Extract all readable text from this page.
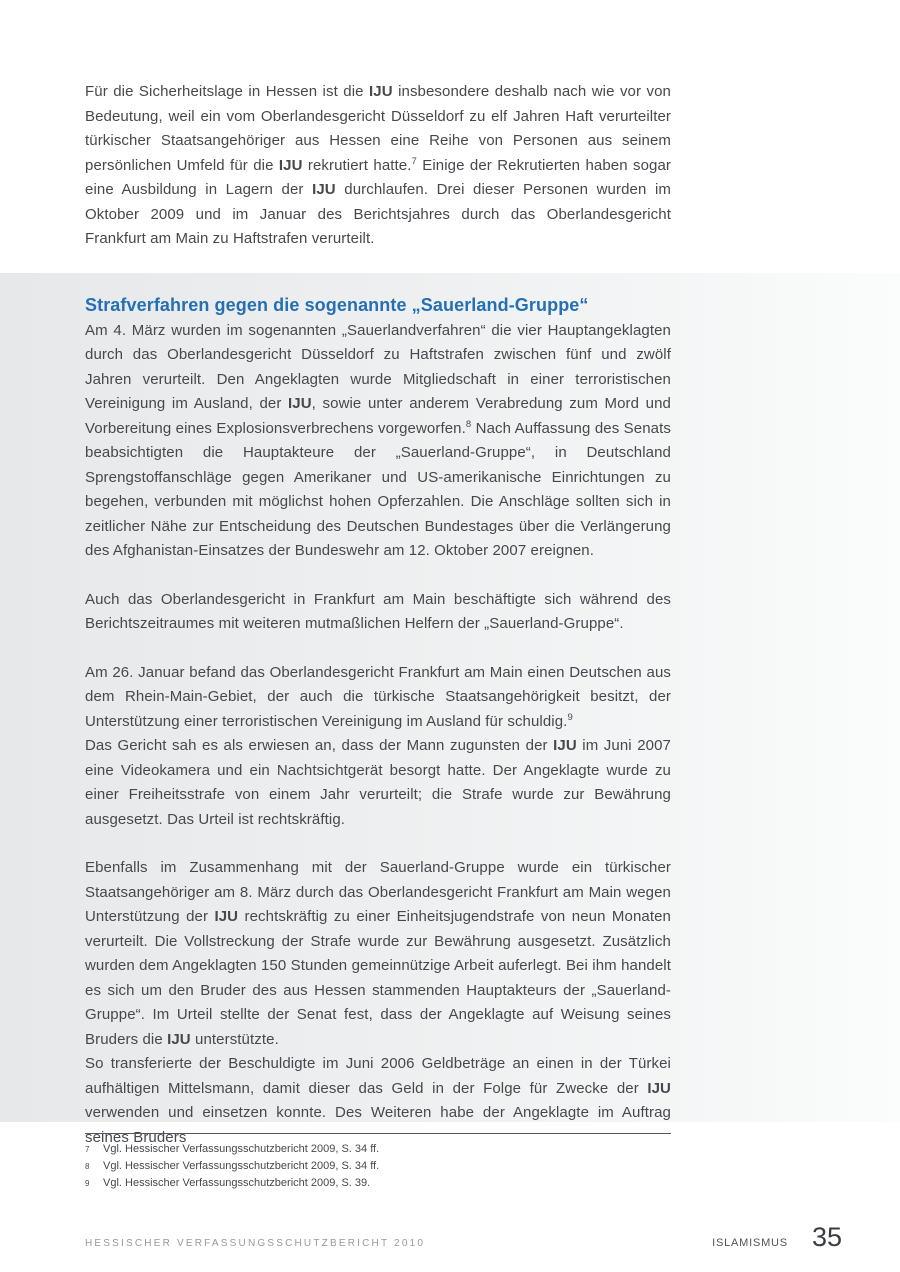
Für die Sicherheitslage in Hessen ist die IJU insbesondere deshalb nach wie vor von Bedeutung, weil ein vom Oberlandesgericht Düsseldorf zu elf Jahren Haft verurteilter türkischer Staatsangehöriger aus Hessen eine Reihe von Personen aus seinem persönlichen Umfeld für die IJU rekrutiert hatte.$^7$ Einige der Rekrutierten haben sogar eine Ausbildung in Lagern der IJU durchlaufen. Drei dieser Personen wurden im Oktober 2009 und im Januar des Berichtsjahres durch das Oberlandesgericht Frankfurt am Main zu Haftstrafen verurteilt.

Strafverfahren gegen die sogenannte „Sauerland-Gruppe“

Am 4. März wurden im sogenannten „Sauerlandverfahren“ die vier Hauptangeklagten durch das Oberlandesgericht Düsseldorf zu Haftstrafen zwischen fünf und zwölf Jahren verurteilt. Den Angeklagten wurde Mitgliedschaft in einer terroristischen Vereinigung im Ausland, der IJU, sowie unter anderem Verabredung zum Mord und Vorbereitung eines Explosionsverbrechens vorgeworfen.$^8$ Nach Auffassung des Senats beabsichtigten die Hauptakteure der „Sauerland-Gruppe“, in Deutschland Sprengstoffanschläge gegen Amerikaner und US-amerikanische Einrichtungen zu begehen, verbunden mit möglichst hohen Opferzahlen. Die Anschläge sollten sich in zeitlicher Nähe zur Entscheidung des Deutschen Bundestages über die Verlängerung des Afghanistan-Einsatzes der Bundeswehr am 12. Oktober 2007 ereignen.

Auch das Oberlandesgericht in Frankfurt am Main beschäftigte sich während des Berichtszeitraumes mit weiteren mutmaßlichen Helfern der „Sauerland-Gruppe“.

Am 26. Januar befand das Oberlandesgericht Frankfurt am Main einen Deutschen aus dem Rhein-Main-Gebiet, der auch die türkische Staatsangehörigkeit besitzt, der Unterstützung einer terroristischen Vereinigung im Ausland für schuldig.$^9$

Das Gericht sah es als erwiesen an, dass der Mann zugunsten der IJU im Juni 2007 eine Videokamera und ein Nachtsichtgerät besorgt hatte. Der Angeklagte wurde zu einer Freiheitsstrafe von einem Jahr verurteilt; die Strafe wurde zur Bewährung ausgesetzt. Das Urteil ist rechtskräftig.

Ebenfalls im Zusammenhang mit der Sauerland-Gruppe wurde ein türkischer Staatsangehöriger am 8. März durch das Oberlandesgericht Frankfurt am Main wegen Unterstützung der IJU rechtskräftig zu einer Einheitsjugendstrafe von neun Monaten verurteilt. Die Vollstreckung der Strafe wurde zur Bewährung ausgesetzt. Zusätzlich wurden dem Angeklagten 150 Stunden gemeinnützige Arbeit auferlegt. Bei ihm handelt es sich um den Bruder des aus Hessen stammenden Hauptakteurs der „Sauerland-Gruppe“. Im Urteil stellte der Senat fest, dass der Angeklagte auf Weisung seines Bruders die IJU unterstützte.

So transferierte der Beschuldigte im Juni 2006 Geldbeträge an einen in der Türkei aufhältigen Mittelsmann, damit dieser das Geld in der Folge für Zwecke der IJU verwenden und einsetzen konnte. Des Weiteren habe der Angeklagte im Auftrag seines Bruders

7	Vgl. Hessischer Verfassungsschutzbericht 2009, S. 34 ff.
8	Vgl. Hessischer Verfassungsschutzbericht 2009, S. 34 ff.
9	Vgl. Hessischer Verfassungsschutzbericht 2009, S. 39.
HESSISCHER VERFASSUNGSSCHUTZBERICHT 2010	ISLAMISMUS 35
